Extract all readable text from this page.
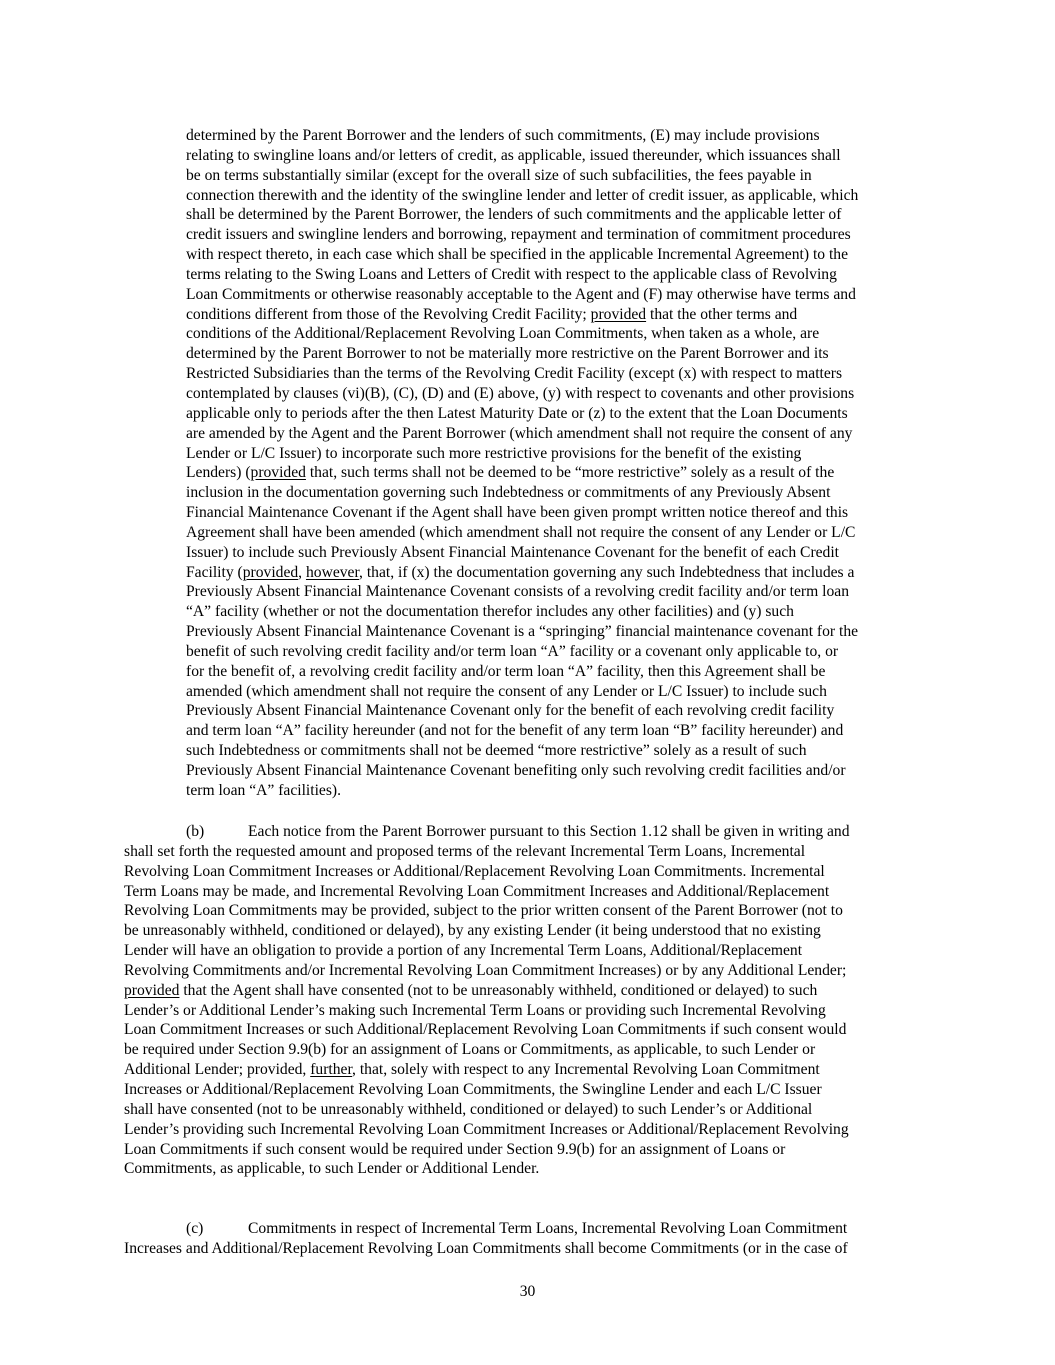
determined by the Parent Borrower and the lenders of such commitments, (E) may include provisions
relating to swingline loans and/or letters of credit, as applicable, issued thereunder, which issuances shall
be on terms substantially similar (except for the overall size of such subfacilities, the fees payable in
connection therewith and the identity of the swingline lender and letter of credit issuer, as applicable, which
shall be determined by the Parent Borrower, the lenders of such commitments and the applicable letter of
credit issuers and swingline lenders and borrowing, repayment and termination of commitment procedures
with respect thereto, in each case which shall be specified in the applicable Incremental Agreement) to the
terms relating to the Swing Loans and Letters of Credit with respect to the applicable class of Revolving
Loan Commitments or otherwise reasonably acceptable to the Agent and (F) may otherwise have terms and
conditions different from those of the Revolving Credit Facility; provided that the other terms and
conditions of the Additional/Replacement Revolving Loan Commitments, when taken as a whole, are
determined by the Parent Borrower to not be materially more restrictive on the Parent Borrower and its
Restricted Subsidiaries than the terms of the Revolving Credit Facility (except (x) with respect to matters
contemplated by clauses (vi)(B), (C), (D) and (E) above, (y) with respect to covenants and other provisions
applicable only to periods after the then Latest Maturity Date or (z) to the extent that the Loan Documents
are amended by the Agent and the Parent Borrower (which amendment shall not require the consent of any
Lender or L/C Issuer) to incorporate such more restrictive provisions for the benefit of the existing
Lenders) (provided that, such terms shall not be deemed to be “more restrictive” solely as a result of the
inclusion in the documentation governing such Indebtedness or commitments of any Previously Absent
Financial Maintenance Covenant if the Agent shall have been given prompt written notice thereof and this
Agreement shall have been amended (which amendment shall not require the consent of any Lender or L/C
Issuer) to include such Previously Absent Financial Maintenance Covenant for the benefit of each Credit
Facility (provided, however, that, if (x) the documentation governing any such Indebtedness that includes a
Previously Absent Financial Maintenance Covenant consists of a revolving credit facility and/or term loan
“A” facility (whether or not the documentation therefor includes any other facilities) and (y) such
Previously Absent Financial Maintenance Covenant is a “springing” financial maintenance covenant for the
benefit of such revolving credit facility and/or term loan “A” facility or a covenant only applicable to, or
for the benefit of, a revolving credit facility and/or term loan “A” facility, then this Agreement shall be
amended (which amendment shall not require the consent of any Lender or L/C Issuer) to include such
Previously Absent Financial Maintenance Covenant only for the benefit of each revolving credit facility
and term loan “A” facility hereunder (and not for the benefit of any term loan “B” facility hereunder) and
such Indebtedness or commitments shall not be deemed “more restrictive” solely as a result of such
Previously Absent Financial Maintenance Covenant benefiting only such revolving credit facilities and/or
term loan “A” facilities).
(b)	Each notice from the Parent Borrower pursuant to this Section 1.12 shall be given in writing and
shall set forth the requested amount and proposed terms of the relevant Incremental Term Loans, Incremental
Revolving Loan Commitment Increases or Additional/Replacement Revolving Loan Commitments. Incremental
Term Loans may be made, and Incremental Revolving Loan Commitment Increases and Additional/Replacement
Revolving Loan Commitments may be provided, subject to the prior written consent of the Parent Borrower (not to
be unreasonably withheld, conditioned or delayed), by any existing Lender (it being understood that no existing
Lender will have an obligation to provide a portion of any Incremental Term Loans, Additional/Replacement
Revolving Commitments and/or Incremental Revolving Loan Commitment Increases) or by any Additional Lender;
provided that the Agent shall have consented (not to be unreasonably withheld, conditioned or delayed) to such
Lender’s or Additional Lender’s making such Incremental Term Loans or providing such Incremental Revolving
Loan Commitment Increases or such Additional/Replacement Revolving Loan Commitments if such consent would
be required under Section 9.9(b) for an assignment of Loans or Commitments, as applicable, to such Lender or
Additional Lender; provided, further, that, solely with respect to any Incremental Revolving Loan Commitment
Increases or Additional/Replacement Revolving Loan Commitments, the Swingline Lender and each L/C Issuer
shall have consented (not to be unreasonably withheld, conditioned or delayed) to such Lender’s or Additional
Lender’s providing such Incremental Revolving Loan Commitment Increases or Additional/Replacement Revolving
Loan Commitments if such consent would be required under Section 9.9(b) for an assignment of Loans or
Commitments, as applicable, to such Lender or Additional Lender.
(c)	Commitments in respect of Incremental Term Loans, Incremental Revolving Loan Commitment
Increases and Additional/Replacement Revolving Loan Commitments shall become Commitments (or in the case of
30
